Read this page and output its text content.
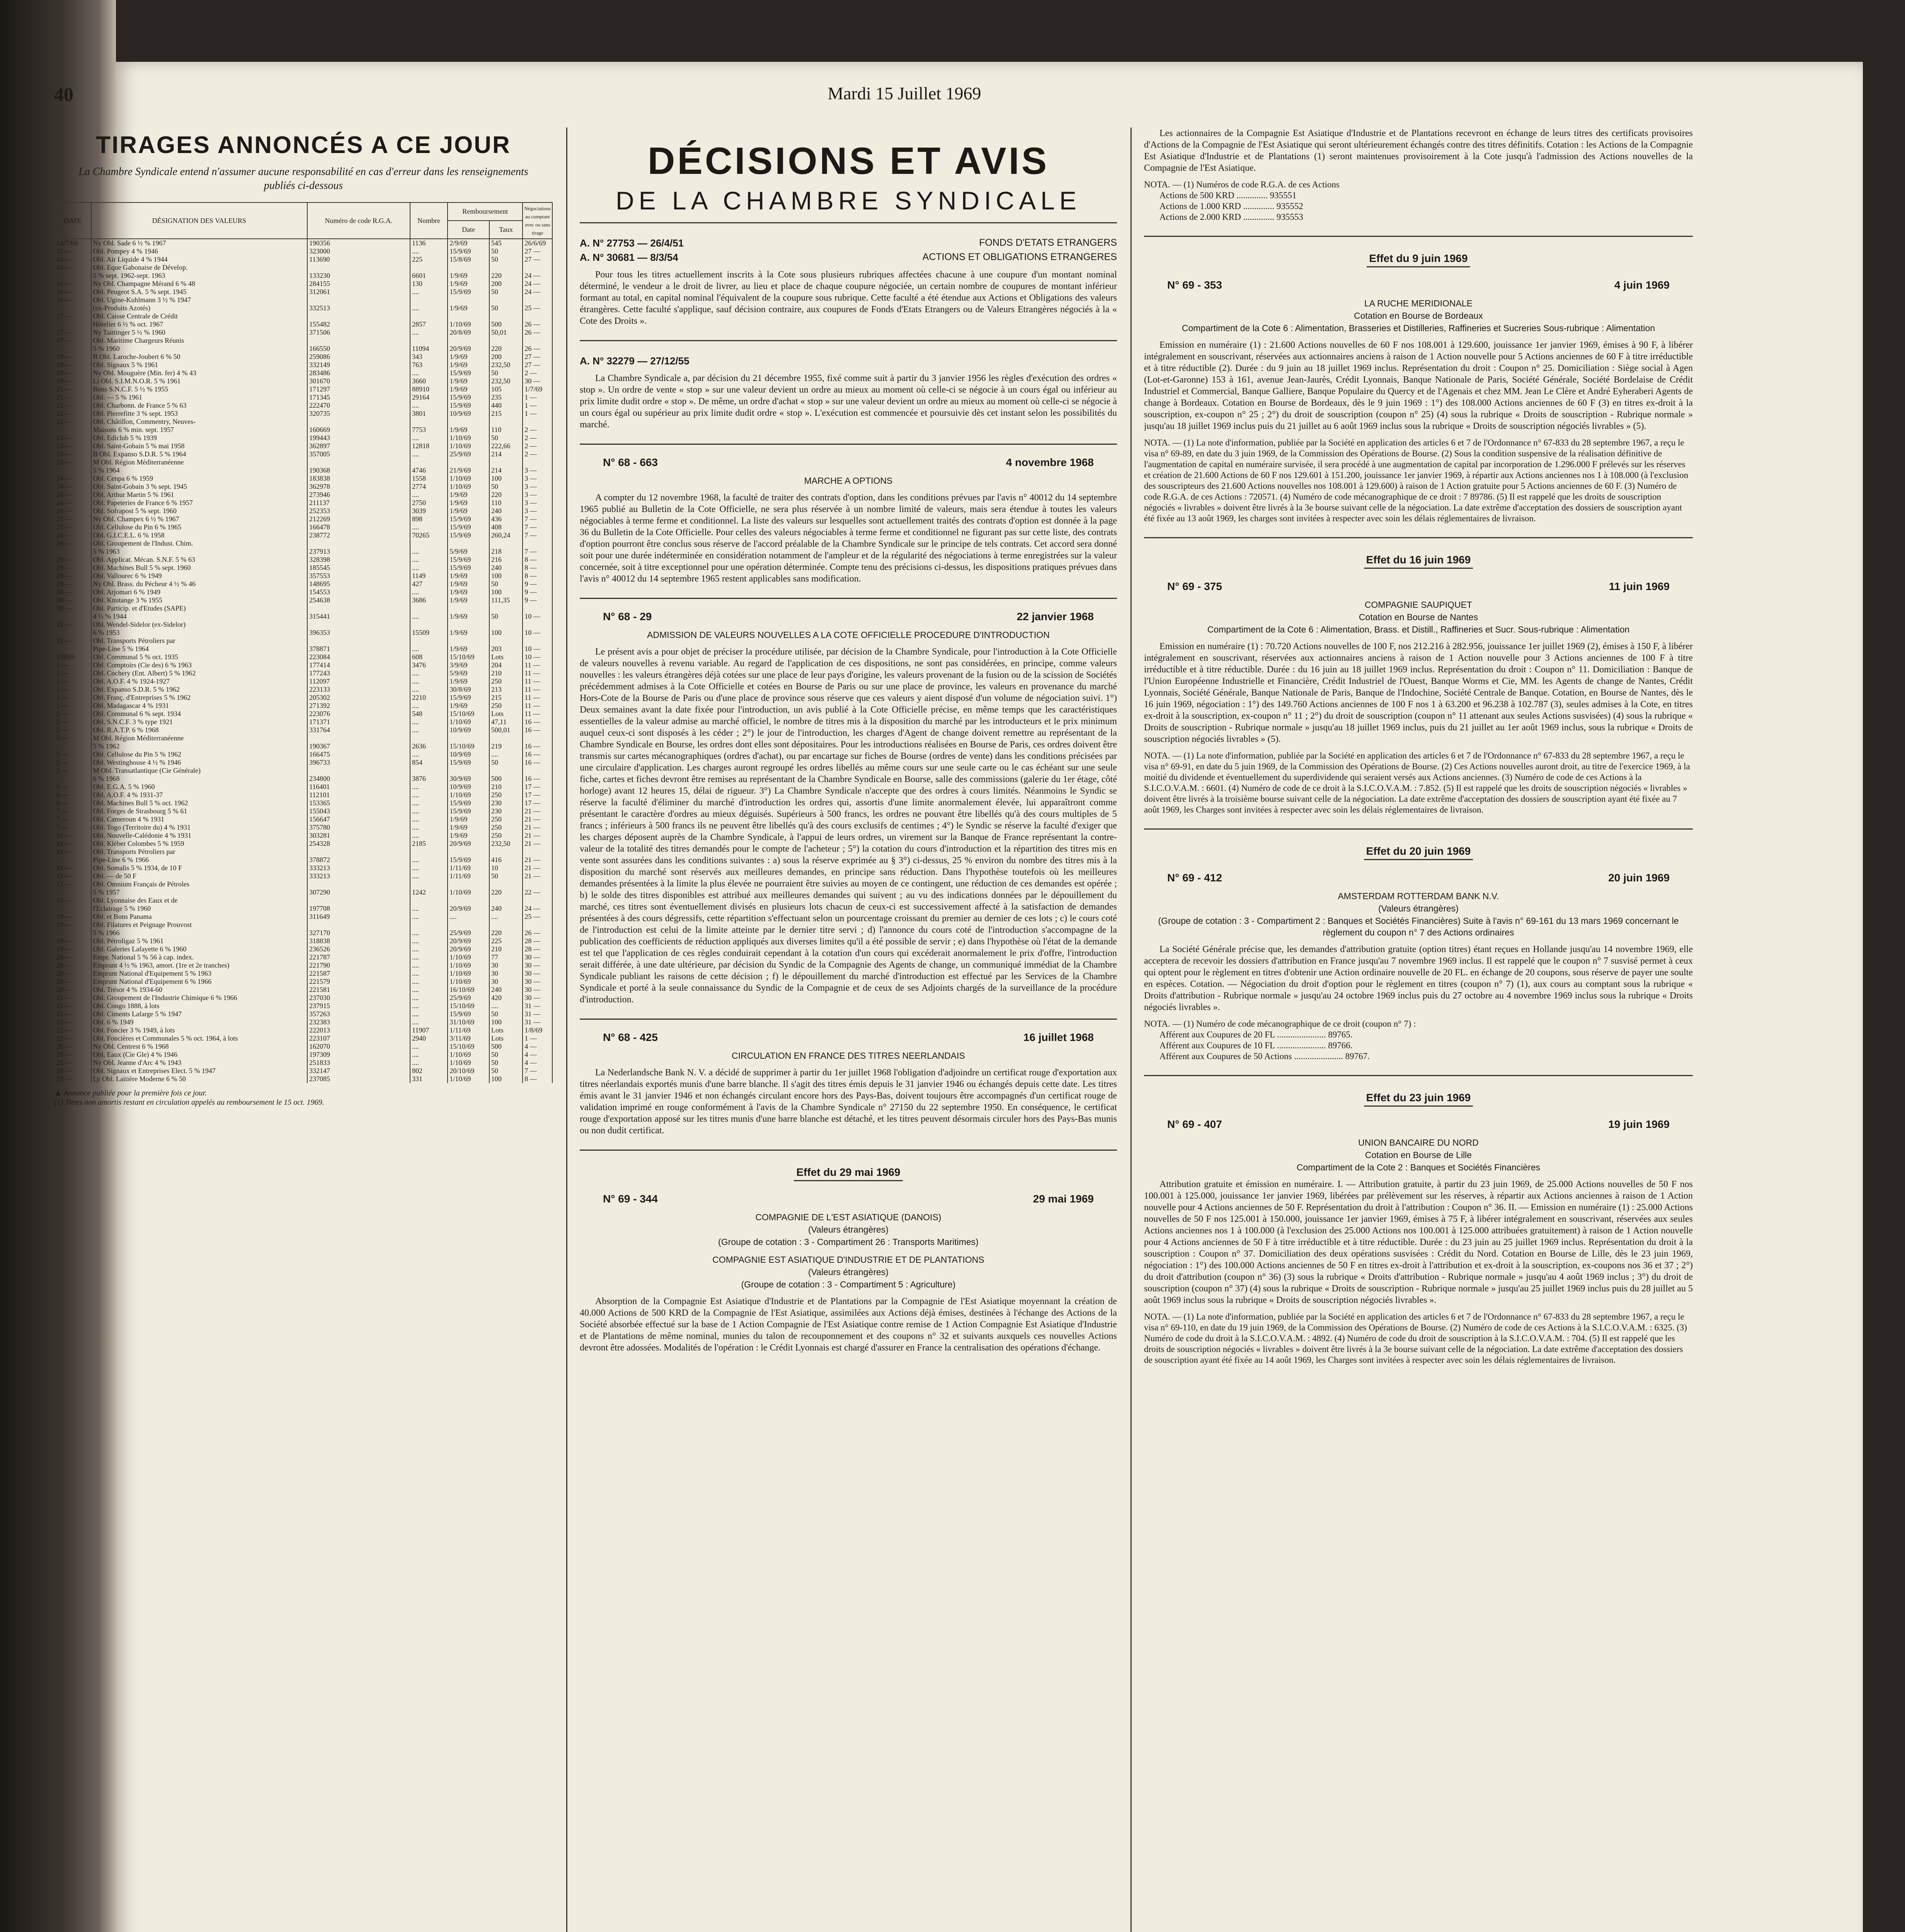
40	Mardi 15 Juillet 1969
TIRAGES ANNONCÉS A CE JOUR
La Chambre Syndicale entend n'assumer aucune responsabilité en cas d'erreur dans les renseignements publiés ci-dessous
DATE	DÉSIGNATION DES VALEURS	Numéro de code R.G.A.	Nombre	Remboursement		Négociations au comptant avec ou sans tirage
				Date	Taux	
13/7/69	Ny Obl. Sade 6 ½ % 1967	190356	1136	2/9/69	545	26/6/69
15 —	Obl. Pompey 4 % 1946	323000	....	15/9/69	50	27 —
15 —	Obl. Air Liquide 4 % 1944	113690	225	15/8/69	50	27 —
15 —	Obl. Eque Gabonaise de Dévelop.					
	5 % sept. 1962-sept. 1963	133230	6601	1/9/69	220	24 —
16 —	Ny Obl. Champagne Mérand 6 % 48	284155	130	1/9/69	200	24 —
16 —	Obl. Peugeot S.A. 5 % sept. 1945	312061	....	15/9/69	50	24 —
16 —	Obl. Ugine-Kuhlmann 3 ½ % 1947					
	(ex-Produits Azotés)	332513	....	1/9/69	50	25 —
17 —	Obl. Caisse Centrale de Crédit					
	Hôtelier 6 ½ % oct. 1967	155482	2857	1/10/69	500	26 —
17 —	Ny Taittinger 5 ½ % 1960	371506	....	20/8/69	50,01	26 —
17 —	Obl. Maritime Chargeurs Réunis					
	5 % 1960	166550	11094	20/9/69	220	26 —
18 —	B Obl. Laroche-Joubert 6 % 50	259086	343	1/9/69	200	27 —
18 —	Obl. Signaux 5 % 1961	332149	763	1/9/69	232,50	27 —
18 —	Ny Obl. Mouguère (Min. fer) 4 % 43	283486	....	15/9/69	50	2 —
18 —	Li Obl. S.I.M.N.O.R. 5 % 1961	301670	3660	1/9/69	232,50	30 —
21 —	Bons S.N.C.F. 5 ½ % 1955	171297	88910	1/9/69	105	1/7/69
21 —	Obl. — 5 % 1961	171345	29164	15/9/69	235	1 —
22 —	Obl. Charbonn. de France 5 % 63	222470	....	15/9/69	440	1 —
22 —	Obl. Pierrefitte 3 % sept. 1953	320735	3801	10/9/69	215	1 —
22 —	Obl. Châtillon, Commentry, Neuves-					
	Maisons 6 % min. sept. 1957	160669	7753	1/9/69	110	2 —
23 —	Obl. Ediclub 5 % 1939	199443	....	1/10/69	50	2 —
23 —	Obl. Saint-Gobain 5 % mai 1958	362897	12818	1/10/69	222,66	2 —
23 —	B Obl. Expanso S.D.R. 5 % 1964	357005	....	25/9/69	214	2 —
23 —	M Obl. Région Méditerranéenne					
	5 % 1964	190368	4746	21/9/69	214	3 —
24 —	Obl. Cenpa 6 % 1959	183838	1558	1/10/69	100	3 —
24 —	Obl. Saint-Gobain 3 % sept. 1945	362978	2774	1/10/69	50	3 —
24 —	Obl. Arthur Martin 5 % 1961	273946	....	1/9/69	220	3 —
24 —	Obl. Papeteries de France 6 % 1957	211137	2750	1/9/69	110	3 —
24 —	Obl. Sofrapost 5 % sept. 1960	252353	3039	1/9/69	240	3 —
25 —	Ny Obl. Champex 6 ½ % 1967	212269	898	15/9/69	436	7 —
25 —	Obl. Cellulose du Pin 6 % 1965	166478	....	15/9/69	408	7 —
26 —	Obl. G.I.C.E.L. 6 % 1958	238772	70265	15/9/69	260,24	7 —
26 —	Obl. Groupement de l'Indust. Chim.					
	5 % 1963	237913	....	5/9/69	218	7 —
29 —	Obl. Applicat. Mécan. S.N.F. 5 % 63	328398	....	15/9/69	216	8 —
29 —	Obl. Machines Bull 5 % sept. 1960	185545	....	15/9/69	240	8 —
29 —	Obl. Vallourec 6 % 1949	357553	1149	1/9/69	100	8 —
29 —	Ny Obl. Brass. du Pécheur 4 ½ % 46	148695	427	1/9/69	50	9 —
30 —	Obl. Arjomari 6 % 1949	154553	....	1/9/69	100	9 —
30 —	Obl. Knutange 3 % 1955	254638	3686	1/9/69	111,35	9 —
30 —	Obl. Particip. et d'Etudes (SAPE)					
	4 ½ % 1944	315441	....	1/9/69	50	10 —
31 —	Obl. Wendel-Sidelor (ex-Sidelor)					
	6 % 1953	396353	15509	1/9/69	100	10 —
31 —	Obl. Transports Pétroliers par					
	Pipe-Line 5 % 1964	378871	....	1/9/69	203	10 —
1/8/69	Obl. Communal 5 % oct. 1935	223084	608	15/10/69	Lots	10 —
1 —	Obl. Comptoirs (Cie des) 6 % 1963	177414	3476	3/9/69	204	11 —
1 —	Obl. Cochery (Ent. Albert) 5 % 1962	177243	....	5/9/69	210	11 —
1 —	Obl. A.O.F. 4 % 1924-1927	112097	....	1/9/69	250	11 —
1 —	Obl. Expanso S.D.R. 5 % 1962	223133	....	30/8/69	213	11 —
1 —	Obl. Franç. d'Entreprises 5 % 1962	205302	2210	15/9/69	215	11 —
1 —	Obl. Madagascar 4 % 1931	271392	....	1/9/69	250	11 —
5 —	Obl. Communal 6 % sept. 1934	223076	548	15/10/69	Lots	11 —
5 —	Obl. S.N.C.F. 3 % type 1921	171371	....	1/10/69	47,11	16 —
5 —	Obl. R.A.T.P. 6 % 1968	331764	....	10/9/69	500,01	16 —
5 —	M Obl. Région Méditerranéenne					
	5 % 1962	190367	2636	15/10/69	219	16 —
5 —	Obl. Cellulose du Pin 5 % 1962	166475	....	10/9/69	....	16 —
5 —	Obl. Westinghouse 4 ½ % 1946	396733	854	15/9/69	50	16 —
5 —	M Obl. Transatlantique (Cie Générale)					
	6 % 1968	234800	3876	30/9/69	500	16 —
6 —	Obl. E.G.A. 5 % 1960	116401	....	10/9/69	210	17 —
6 —	Obl. A.O.F. 4 % 1931-37	112101	....	1/10/69	250	17 —
6 —	Obl. Machines Bull 5 % oct. 1962	153365	....	15/9/69	230	17 —
7 —	Obl. Forges de Strasbourg 5 % 61	155043	....	15/9/69	230	21 —
7 —	Obl. Cameroun 4 % 1931	156647	....	1/9/69	250	21 —
7 —	Obl. Togo (Territoire du) 4 % 1931	375780	....	1/9/69	250	21 —
11 —	Obl. Nouvelle-Calédonie 4 % 1931	303281	....	1/9/69	250	21 —
11 —	Obl. Kléber Colombes 5 % 1959	254328	2185	20/9/69	232,50	21 —
11 —	Obl. Transports Pétroliers par					
	Pipe-Line 6 % 1966	378872	....	15/9/69	416	21 —
11 —	Obl. Somalis 5 % 1934, de 10 F	333213	....	1/11/69	10	21 —
12 —	Obl. — de 50 F	333213	....	1/11/69	50	21 —
12 —	Obl. Omnium Français de Pétroles					
	5 % 1957	307290	1242	1/10/69	220	22 —
15 —	Obl. Lyonnaise des Eaux et de					
	l'Eclairage 5 % 1960	197708	....	20/9/69	240	24 —
18 —	Obl. et Bons Panama	311649	....	....	....	25 —
18 —	Obl. Filatures et Peignage Prouvost					
	5 % 1966	327170	....	25/9/69	220	26 —
19 —	Obl. Pétroligaz 5 % 1961	318838	....	20/9/69	225	28 —
19 —	Obl. Galeries Lafayette 6 % 1960	236526	....	20/9/69	210	28 —
20 —	Empr. National 5 % 56 à cap. index.	221787	....	1/10/69	77	30 —
20 —	Emprunt 4 ½ % 1963, amort. (1re et 2e tranches)	221790	....	1/10/69	30	30 —
20 —	Emprunt National d'Equipement 5 % 1963	221587	....	1/10/69	30	30 —
20 —	Emprunt National d'Equipement 6 % 1966	221579	....	1/10/69	30	30 —
20 —	Obl. Trésor 4 % 1934-60	221581	....	16/10/69	240	30 —
21 —	Obl. Groupement de l'Industrie Chimique 6 % 1966	237030	....	25/9/69	420	30 —
21 —	Obl. Congo 1888, à lots	237915	....	15/10/69	....	31 —
21 —	Obl. Ciments Lafarge 5 % 1947	357263	....	15/9/69	50	31 —
22 —	Obl. 6 % 1949	232383	....	31/10/69	100	31 —
22 —	Obl. Foncier 3 % 1949, à lots	222013	11907	1/11/69	Lots	1/8/69
22 —	Obl. Foncières et Communales 5 % oct. 1964, à lots	223107	2940	3/11/69	Lots	1 —
26 —	Ny Obl. Centrest 6 % 1968	162070	....	15/10/69	500	4 —
26 —	Obl. Eaux (Cie Gle) 4 % 1946	197309	....	1/10/69	50	4 —
26 —	Ny Obl. Jeanne d'Arc 4 % 1943	251833	....	1/10/69	50	4 —
26 —	Obl. Signaux et Entreprises Elect. 5 % 1947	332147	802	20/10/69	50	7 —
29 —	Ly Obl. Laitière Moderne 6 % 50	237085	331	1/10/69	100	8 —
▲ Annonce publiée pour la première fois ce jour.
(1) Titres non amortis restant en circulation appelés au remboursement le 15 oct. 1969.
DÉCISIONS ET AVIS
DE LA CHAMBRE SYNDICALE
A. N° 27753 — 26/4/51	FONDS D'ETATS ETRANGERS
A. N° 30681 — 8/3/54	ACTIONS ET OBLIGATIONS ETRANGERES
Pour tous les titres actuellement inscrits à la Cote sous plusieurs rubriques affectées chacune à une coupure d'un montant nominal déterminé, le vendeur a le droit de livrer, au lieu et place de chaque coupure négociée, un certain nombre de coupures de montant inférieur formant au total, en capital nominal l'équivalent de la coupure sous rubrique. Cette faculté a été étendue aux Actions et Obligations des valeurs étrangères. Cette faculté s'applique, sauf décision contraire, aux coupures de Fonds d'Etats Etrangers ou de Valeurs Etrangères négociés à la « Cote des Droits ».
A. N° 32279 — 27/12/55
La Chambre Syndicale a, par décision du 21 décembre 1955, fixé comme suit à partir du 3 janvier 1956 les règles d'exécution des ordres « stop ». Un ordre de vente « stop » sur une valeur devient un ordre au mieux au moment où celle-ci se négocie à un cours égal ou inférieur au prix limite dudit ordre « stop ». De même, un ordre d'achat « stop » sur une valeur devient un ordre au mieux au moment où celle-ci se négocie à un cours égal ou supérieur au prix limite dudit ordre « stop ». L'exécution est commencée et poursuivie dès cet instant selon les possibilités du marché.
N° 68 - 663	4 novembre 1968
MARCHE A OPTIONS
A compter du 12 novembre 1968, la faculté de traiter des contrats d'option, dans les conditions prévues par l'avis n° 40012 du 14 septembre 1965 publié au Bulletin de la Cote Officielle, ne sera plus réservée à un nombre limité de valeurs, mais sera étendue à toutes les valeurs négociables à terme ferme et conditionnel. La liste des valeurs sur lesquelles sont actuellement traités des contrats d'option est donnée à la page 36 du Bulletin de la Cote Officielle. Pour celles des valeurs négociables à terme ferme et conditionnel ne figurant pas sur cette liste, des contrats d'option pourront être conclus sous réserve de l'accord préalable de la Chambre Syndicale sur le principe de tels contrats. Cet accord sera donné soit pour une durée indéterminée en considération notamment de l'ampleur et de la régularité des négociations à terme enregistrées sur la valeur concernée, soit à titre exceptionnel pour une opération déterminée. Compte tenu des précisions ci-dessus, les dispositions pratiques prévues dans l'avis n° 40012 du 14 septembre 1965 restent applicables sans modification.
N° 68 - 29	22 janvier 1968
ADMISSION DE VALEURS NOUVELLES A LA COTE OFFICIELLE PROCEDURE D'INTRODUCTION
Le présent avis a pour objet de préciser la procédure utilisée, par décision de la Chambre Syndicale, pour l'introduction à la Cote Officielle de valeurs nouvelles à revenu variable. Au regard de l'application de ces dispositions, ne sont pas considérées, en principe, comme valeurs nouvelles : les valeurs étrangères déjà cotées sur une place de leur pays d'origine, les valeurs provenant de la fusion ou de la scission de Sociétés précédemment admises à la Cote Officielle et cotées en Bourse de Paris ou sur une place de province, les valeurs en provenance du marché Hors-Cote de la Bourse de Paris ou d'une place de province sous réserve que ces valeurs y aient disposé d'un volume de négociation suivi. 1°) Deux semaines avant la date fixée pour l'introduction, un avis publié à la Cote Officielle précise, en même temps que les caractéristiques essentielles de la valeur admise au marché officiel, le nombre de titres mis à la disposition du marché par les introducteurs et le prix minimum auquel ceux-ci sont disposés à les céder ; 2°) le jour de l'introduction, les charges d'Agent de change doivent remettre au représentant de la Chambre Syndicale en Bourse, les ordres dont elles sont dépositaires. Pour les introductions réalisées en Bourse de Paris, ces ordres doivent être transmis sur cartes mécanographiques (ordres d'achat), ou par encartage sur fiches de Bourse (ordres de vente) dans les conditions précisées par une circulaire d'application. Les charges auront regroupé les ordres libellés au même cours sur une seule carte ou le cas échéant sur une seule fiche, cartes et fiches devront être remises au représentant de la Chambre Syndicale en Bourse, salle des commissions (galerie du 1er étage, côté horloge) avant 12 heures 15, délai de rigueur. 3°) La Chambre Syndicale n'accepte que des ordres à cours limités. Néanmoins le Syndic se réserve la faculté d'éliminer du marché d'introduction les ordres qui, assortis d'une limite anormalement élevée, lui apparaîtront comme présentant le caractère d'ordres au mieux déguisés. Supérieurs à 500 francs, les ordres ne pouvant être libellés qu'à des cours multiples de 5 francs ; inférieurs à 500 francs ils ne peuvent être libellés qu'à des cours exclusifs de centimes ; 4°) le Syndic se réserve la faculté d'exiger que les charges déposent auprès de la Chambre Syndicale, à l'appui de leurs ordres, un virement sur la Banque de France représentant la contre-valeur de la totalité des titres demandés pour le compte de l'acheteur ; 5°) la cotation du cours d'introduction et la répartition des titres mis en vente sont assurées dans les conditions suivantes : a) sous la réserve exprimée au § 3°) ci-dessus, 25 % environ du nombre des titres mis à la disposition du marché sont réservés aux meilleures demandes, en principe sans réduction. Dans l'hypothèse toutefois où les meilleures demandes présentées à la limite la plus élevée ne pourraient être suivies au moyen de ce contingent, une réduction de ces demandes est opérée ; b) le solde des titres disponibles est attribué aux meilleures demandes qui suivent ; au vu des indications données par le dépouillement du marché, ces titres sont éventuellement divisés en plusieurs lots chacun de ceux-ci est successivement affecté à la satisfaction de demandes présentées à des cours dégressifs, cette répartition s'effectuant selon un pourcentage croissant du premier au dernier de ces lots ; c) le cours coté de l'introduction est celui de la limite atteinte par le dernier titre servi ; d) l'annonce du cours coté de l'introduction s'accompagne de la publication des coefficients de réduction appliqués aux diverses limites qu'il a été possible de servir ; e) dans l'hypothèse où l'état de la demande est tel que l'application de ces règles conduirait cependant à la cotation d'un cours qui excéderait anormalement le prix d'offre, l'introduction serait différée, à une date ultérieure, par décision du Syndic de la Compagnie des Agents de change, un communiqué immédiat de la Chambre Syndicale publiant les raisons de cette décision ; f) le dépouillement du marché d'introduction est effectué par les Services de la Chambre Syndicale et porté à la seule connaissance du Syndic de la Compagnie et de ceux de ses Adjoints chargés de la surveillance de la procédure d'introduction.
N° 68 - 425	16 juillet 1968
CIRCULATION EN FRANCE DES TITRES NEERLANDAIS
La Nederlandsche Bank N. V. a décidé de supprimer à partir du 1er juillet 1968 l'obligation d'adjoindre un certificat rouge d'exportation aux titres néerlandais exportés munis d'une barre blanche. Il s'agit des titres émis depuis le 31 janvier 1946 ou échangés depuis cette date. Les titres émis avant le 31 janvier 1946 et non échangés circulant encore hors des Pays-Bas, doivent toujours être accompagnés d'un certificat rouge de validation imprimé en rouge conformément à l'avis de la Chambre Syndicale n° 27150 du 22 septembre 1950. En conséquence, le certificat rouge d'exportation apposé sur les titres munis d'une barre blanche est détaché, et les titres peuvent désormais circuler hors des Pays-Bas munis ou non dudit certificat.
Effet du 29 mai 1969
N° 69 - 344	29 mai 1969
COMPAGNIE DE L'EST ASIATIQUE (DANOIS)
(Valeurs étrangères)
(Groupe de cotation : 3 - Compartiment 26 : Transports Maritimes)
COMPAGNIE EST ASIATIQUE D'INDUSTRIE ET DE PLANTATIONS
(Valeurs étrangères)
(Groupe de cotation : 3 - Compartiment 5 : Agriculture)
Absorption de la Compagnie Est Asiatique d'Industrie et de Plantations par la Compagnie de l'Est Asiatique moyennant la création de 40.000 Actions de 500 KRD de la Compagnie de l'Est Asiatique, assimilées aux Actions déjà émises, destinées à l'échange des Actions de la Société absorbée effectué sur la base de 1 Action Compagnie de l'Est Asiatique contre remise de 1 Action Compagnie Est Asiatique d'Industrie et de Plantations de même nominal, munies du talon de recouponnement et des coupons n° 32 et suivants auxquels ces nouvelles Actions devront être adossées. Modalités de l'opération : le Crédit Lyonnais est chargé d'assurer en France la centralisation des opérations d'échange.
Les actionnaires de la Compagnie Est Asiatique d'Industrie et de Plantations recevront en échange de leurs titres des certificats provisoires d'Actions de la Compagnie de l'Est Asiatique qui seront ultérieurement échangés contre des titres définitifs. Cotation : les Actions de la Compagnie Est Asiatique d'Industrie et de Plantations (1) seront maintenues provisoirement à la Cote jusqu'à l'admission des Actions nouvelles de la Compagnie de l'Est Asiatique.
NOTA. — (1) Numéros de code R.G.A. de ces Actions
Actions de 500 KRD .............. 935551
Actions de 1.000 KRD .............. 935552
Actions de 2.000 KRD .............. 935553
Effet du 9 juin 1969
N° 69 - 353	4 juin 1969
LA RUCHE MERIDIONALE
Cotation en Bourse de Bordeaux
Compartiment de la Cote 6 : Alimentation, Brasseries et Distilleries, Raffineries et Sucreries Sous-rubrique : Alimentation
Emission en numéraire (1) : 21.600 Actions nouvelles de 60 F nos 108.001 à 129.600, jouissance 1er janvier 1969, émises à 90 F, à libérer intégralement en souscrivant, réservées aux actionnaires anciens à raison de 1 Action nouvelle pour 5 Actions anciennes de 60 F à titre irréductible et à titre réductible (2). Durée : du 9 juin au 18 juillet 1969 inclus. Représentation du droit : Coupon n° 25. Domiciliation : Siège social à Agen (Lot-et-Garonne) 153 à 161, avenue Jean-Jaurès, Crédit Lyonnais, Banque Nationale de Paris, Société Générale, Société Bordelaise de Crédit Industriel et Commercial, Banque Galliere, Banque Populaire du Quercy et de l'Agenais et chez MM. Jean Le Clère et André Eyheraberi Agents de change à Bordeaux. Cotation en Bourse de Bordeaux, dès le 9 juin 1969 : 1°) des 108.000 Actions anciennes de 60 F (3) en titres ex-droit à la souscription, ex-coupon n° 25 ; 2°) du droit de souscription (coupon n° 25) (4) sous la rubrique « Droits de souscription - Rubrique normale » jusqu'au 18 juillet 1969 inclus puis du 21 juillet au 6 août 1969 inclus sous la rubrique « Droits de souscription négociés livrables » (5).
NOTA. — (1) La note d'information, publiée par la Société en application des articles 6 et 7 de l'Ordonnance n° 67-833 du 28 septembre 1967, a reçu le visa n° 69-89, en date du 3 juin 1969, de la Commission des Opérations de Bourse. (2) Sous la condition suspensive de la réalisation définitive de l'augmentation de capital en numéraire survisée, il sera procédé à une augmentation de capital par incorporation de 1.296.000 F prélevés sur les réserves et création de 21.600 Actions de 60 F nos 129.601 à 151.200, jouissance 1er janvier 1969, à répartir aux Actions anciennes nos 1 à 108.000 (à l'exclusion des souscripteurs des 21.600 Actions nouvelles nos 108.001 à 129.600) à raison de 1 Action gratuite pour 5 Actions anciennes de 60 F. (3) Numéro de code R.G.A. de ces Actions : 720571. (4) Numéro de code mécanographique de ce droit : 7 89786. (5) Il est rappelé que les droits de souscription négociés « livrables » doivent être livrés à la 3e bourse suivant celle de la négociation. La date extrême d'acceptation des dossiers de souscription ayant été fixée au 13 août 1969, les charges sont invitées à respecter avec soin les délais réglementaires de livraison.
Effet du 16 juin 1969
N° 69 - 375	11 juin 1969
COMPAGNIE SAUPIQUET
Cotation en Bourse de Nantes
Compartiment de la Cote 6 : Alimentation, Brass. et Distill., Raffineries et Sucr. Sous-rubrique : Alimentation
Emission en numéraire (1) : 70.720 Actions nouvelles de 100 F, nos 212.216 à 282.956, jouissance 1er juillet 1969 (2), émises à 150 F, à libérer intégralement en souscrivant, réservées aux actionnaires anciens à raison de 1 Action nouvelle pour 3 Actions anciennes de 100 F à titre irréductible et à titre réductible. Durée : du 16 juin au 18 juillet 1969 inclus. Représentation du droit : Coupon n° 11. Domiciliation : Banque de l'Union Européenne Industrielle et Financière, Crédit Industriel de l'Ouest, Banque Worms et Cie, MM. les Agents de change de Nantes, Crédit Lyonnais, Société Générale, Banque Nationale de Paris, Banque de l'Indochine, Société Centrale de Banque. Cotation, en Bourse de Nantes, dès le 16 juin 1969, négociation : 1°) des 149.760 Actions anciennes de 100 F nos 1 à 63.200 et 96.238 à 102.787 (3), seules admises à la Cote, en titres ex-droit à la souscription, ex-coupon n° 11 ; 2°) du droit de souscription (coupon n° 11 attenant aux seules Actions susvisées) (4) sous la rubrique « Droits de souscription - Rubrique normale » jusqu'au 18 juillet 1969 inclus, puis du 21 juillet au 1er août 1969 inclus, sous la rubrique « Droits de souscription négociés livrables » (5).
NOTA. — (1) La note d'information, publiée par la Société en application des articles 6 et 7 de l'Ordonnance n° 67-833 du 28 septembre 1967, a reçu le visa n° 69-91, en date du 5 juin 1969, de la Commission des Opérations de Bourse. (2) Ces Actions nouvelles auront droit, au titre de l'exercice 1969, à la moitié du dividende et éventuellement du superdividende qui seraient versés aux Actions anciennes. (3) Numéro de code de ces Actions à la S.I.C.O.V.A.M. : 6601. (4) Numéro de code de ce droit à la S.I.C.O.V.A.M. : 7.852. (5) Il est rappelé que les droits de souscription négociés « livrables » doivent être livrés à la troisième bourse suivant celle de la négociation. La date extrême d'acceptation des dossiers de souscription ayant été fixée au 7 août 1969, les Charges sont invitées à respecter avec soin les délais réglementaires de livraison.
Effet du 20 juin 1969
N° 69 - 412	20 juin 1969
AMSTERDAM ROTTERDAM BANK N.V.
(Valeurs étrangères)
(Groupe de cotation : 3 - Compartiment 2 : Banques et Sociétés Financières) Suite à l'avis n° 69-161 du 13 mars 1969 concernant le règlement du coupon n° 7 des Actions ordinaires
La Société Générale précise que, les demandes d'attribution gratuite (option titres) étant reçues en Hollande jusqu'au 14 novembre 1969, elle acceptera de recevoir les dossiers d'attribution en France jusqu'au 7 novembre 1969 inclus. Il est rappelé que le coupon n° 7 susvisé permet à ceux qui optent pour le règlement en titres d'obtenir une Action ordinaire nouvelle de 20 FL. en échange de 20 coupons, sous réserve de payer une soulte en espèces. Cotation. — Négociation du droit d'option pour le règlement en titres (coupon n° 7) (1), aux cours au comptant sous la rubrique « Droits d'attribution - Rubrique normale » jusqu'au 24 octobre 1969 inclus puis du 27 octobre au 4 novembre 1969 inclus sous la rubrique « Droits négociés livrables ».
NOTA. — (1) Numéro de code mécanographique de ce droit (coupon n° 7) :
Afférent aux Coupures de 20 FL ...................... 89765.
Afférent aux Coupures de 10 FL ...................... 89766.
Afférent aux Coupures de 50 Actions ...................... 89767.
Effet du 23 juin 1969
N° 69 - 407	19 juin 1969
UNION BANCAIRE DU NORD
Cotation en Bourse de Lille
Compartiment de la Cote 2 : Banques et Sociétés Financières
Attribution gratuite et émission en numéraire. I. — Attribution gratuite, à partir du 23 juin 1969, de 25.000 Actions nouvelles de 50 F nos 100.001 à 125.000, jouissance 1er janvier 1969, libérées par prélèvement sur les réserves, à répartir aux Actions anciennes à raison de 1 Action nouvelle pour 4 Actions anciennes de 50 F. Représentation du droit à l'attribution : Coupon n° 36. II. — Emission en numéraire (1) : 25.000 Actions nouvelles de 50 F nos 125.001 à 150.000, jouissance 1er janvier 1969, émises à 75 F, à libérer intégralement en souscrivant, réservées aux seules Actions anciennes nos 1 à 100.000 (à l'exclusion des 25.000 Actions nos 100.001 à 125.000 attribuées gratuitement) à raison de 1 Action nouvelle pour 4 Actions anciennes de 50 F à titre irréductible et à titre réductible. Durée : du 23 juin au 25 juillet 1969 inclus. Représentation du droit à la souscription : Coupon n° 37. Domiciliation des deux opérations susvisées : Crédit du Nord. Cotation en Bourse de Lille, dès le 23 juin 1969, négociation : 1°) des 100.000 Actions anciennes de 50 F en titres ex-droit à l'attribution et ex-droit à la souscription, ex-coupons nos 36 et 37 ; 2°) du droit d'attribution (coupon n° 36) (3) sous la rubrique « Droits d'attribution - Rubrique normale » jusqu'au 4 août 1969 inclus ; 3°) du droit de souscription (coupon n° 37) (4) sous la rubrique « Droits de souscription - Rubrique normale » jusqu'au 25 juillet 1969 inclus puis du 28 juillet au 5 août 1969 inclus sous la rubrique « Droits de souscription négociés livrables ».
NOTA. — (1) La note d'information, publiée par la Société en application des articles 6 et 7 de l'Ordonnance n° 67-833 du 28 septembre 1967, a reçu le visa n° 69-110, en date du 19 juin 1969, de la Commission des Opérations de Bourse. (2) Numéro de code de ces Actions à la S.I.C.O.V.A.M. : 6325. (3) Numéro de code du droit à la S.I.C.O.V.A.M. : 4892. (4) Numéro de code du droit de souscription à la S.I.C.O.V.A.M. : 704. (5) Il est rappelé que les droits de souscription négociés « livrables » doivent être livrés à la 3e bourse suivant celle de la négociation. La date extrême d'acceptation des dossiers de souscription ayant été fixée au 14 août 1969, les Charges sont invitées à respecter avec soin les délais réglementaires de livraison.
